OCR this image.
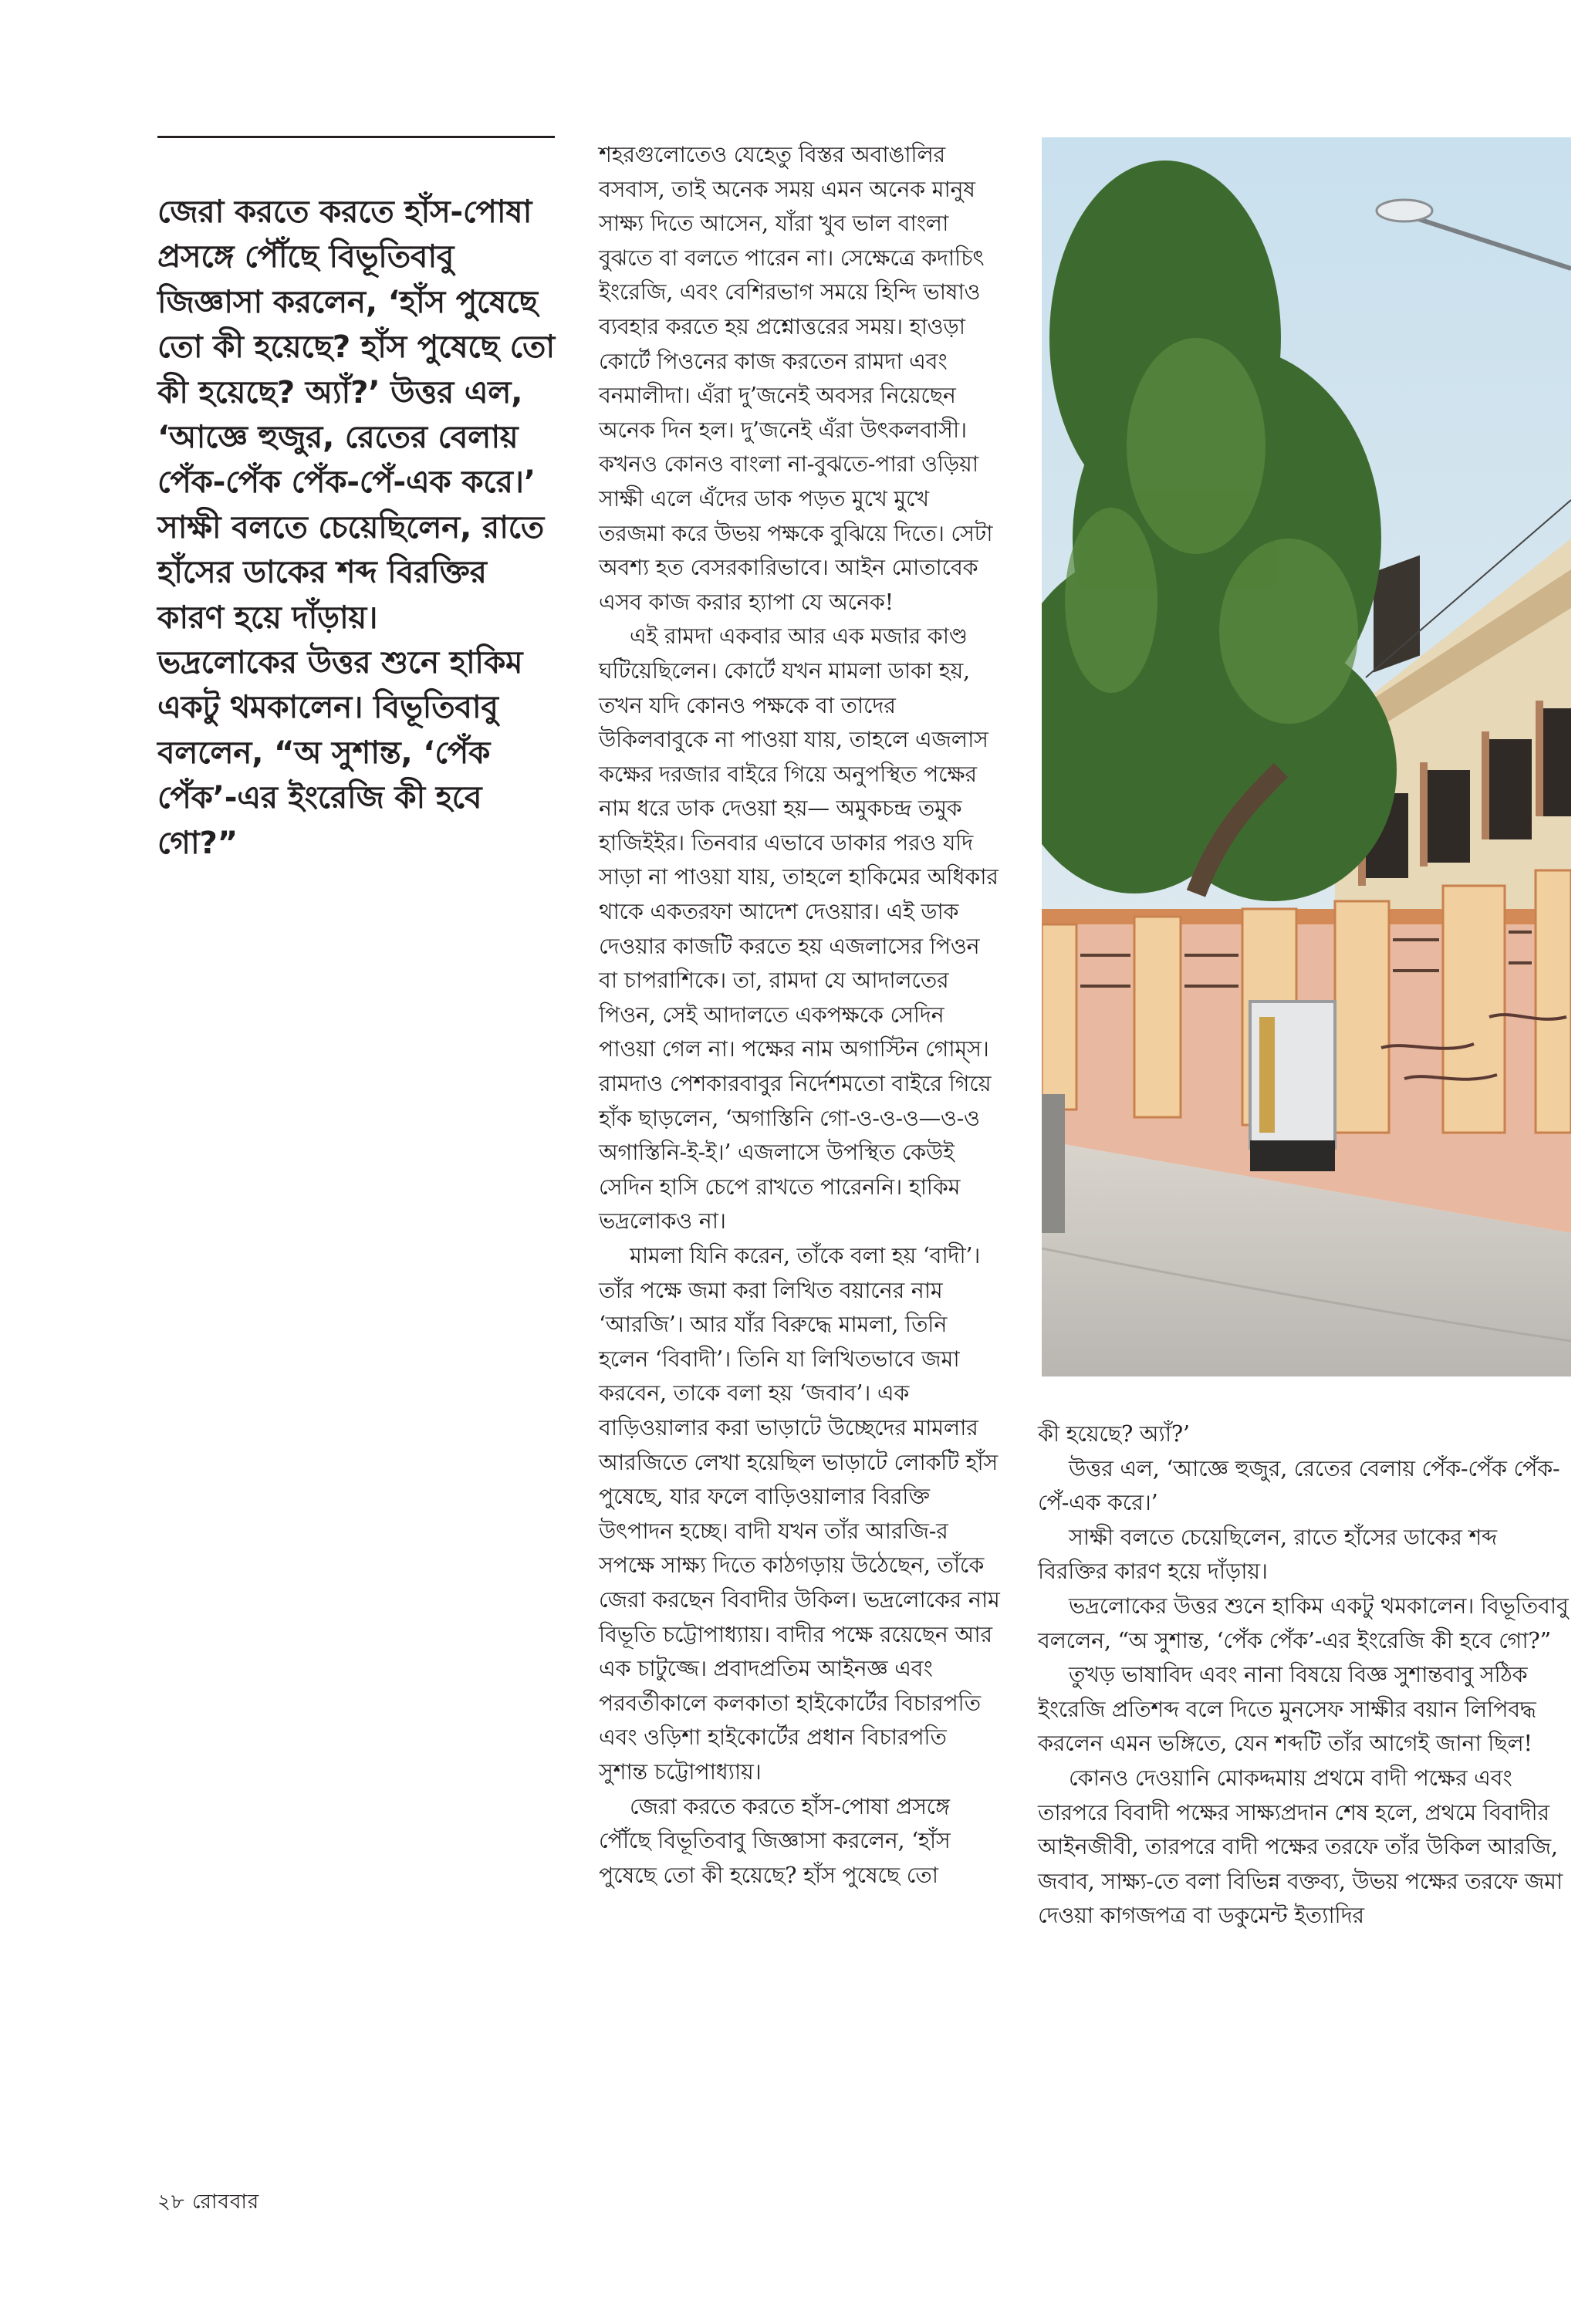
জেরা করতে করতে হাঁস-পোষা প্রসঙ্গে পৌঁছে বিভূতিবাবু জিজ্ঞাসা করলেন, ‘হাঁস পুষেছে তো কী হয়েছে? হাঁস পুষেছে তো কী হয়েছে? অ্যাঁ?’ উত্তর এল, ‘আজ্ঞে হুজুর, রেতের বেলায় পেঁক-পেঁক পেঁক-পেঁ-এক করে।’ সাক্ষী বলতে চেয়েছিলেন, রাতে হাঁসের ডাকের শব্দ বিরক্তির কারণ হয়ে দাঁড়ায়।

ভদ্রলোকের উত্তর শুনে হাকিম একটু থমকালেন। বিভূতিবাবু বললেন, “অ সুশান্ত, ‘পেঁক পেঁক’-এর ইংরেজি কী হবে গো?”

শহরগুলোতেও যেহেতু বিস্তর অবাঙালির বসবাস, তাই অনেক সময় এমন অনেক মানুষ সাক্ষ্য দিতে আসেন, যাঁরা খুব ভাল বাংলা বুঝতে বা বলতে পারেন না। সেক্ষেত্রে কদাচিৎ ইংরেজি, এবং বেশিরভাগ সময়ে হিন্দি ভাষাও ব্যবহার করতে হয় প্রশ্নোত্তরের সময়। হাওড়া কোর্টে পিওনের কাজ করতেন রামদা এবং বনমালীদা। এঁরা দু’জনেই অবসর নিয়েছেন অনেক দিন হল। দু’জনেই এঁরা উৎকলবাসী। কখনও কোনও বাংলা না-বুঝতে-পারা ওড়িয়া সাক্ষী এলে এঁদের ডাক পড়ত মুখে মুখে তরজমা করে উভয় পক্ষকে বুঝিয়ে দিতে। সেটা অবশ্য হত বেসরকারিভাবে। আইন মোতাবেক এসব কাজ করার হ্যাপা যে অনেক!

এই রামদা একবার আর এক মজার কাণ্ড ঘটিয়েছিলেন। কোর্টে যখন মামলা ডাকা হয়, তখন যদি কোনও পক্ষকে বা তাদের উকিলবাবুকে না পাওয়া যায়, তাহলে এজলাস কক্ষের দরজার বাইরে গিয়ে অনুপস্থিত পক্ষের নাম ধরে ডাক দেওয়া হয়— অমুকচন্দ্র তমুক হাজিইইর। তিনবার এভাবে ডাকার পরও যদি সাড়া না পাওয়া যায়, তাহলে হাকিমের অধিকার থাকে একতরফা আদেশ দেওয়ার। এই ডাক দেওয়ার কাজটি করতে হয় এজলাসের পিওন বা চাপরাশিকে। তা, রামদা যে আদালতের পিওন, সেই আদালতে একপক্ষকে সেদিন পাওয়া গেল না। পক্ষের নাম অগাস্টিন গোম্স। রামদাও পেশকারবাবুর নির্দেশমতো বাইরে গিয়ে হাঁক ছাড়লেন, ‘অগাস্তিনি গো-ও-ও-ও—ও-ও অগাস্তিনি-ই-ই।’ এজলাসে উপস্থিত কেউই সেদিন হাসি চেপে রাখতে পারেননি। হাকিম ভদ্রলোকও না।

মামলা যিনি করেন, তাঁকে বলা হয় ‘বাদী’। তাঁর পক্ষে জমা করা লিখিত বয়ানের নাম ‘আরজি’। আর যাঁর বিরুদ্ধে মামলা, তিনি হলেন ‘বিবাদী’। তিনি যা লিখিতভাবে জমা করবেন, তাকে বলা হয় ‘জবাব’। এক বাড়িওয়ালার করা ভাড়াটে উচ্ছেদের মামলার আরজিতে লেখা হয়েছিল ভাড়াটে লোকটি হাঁস পুষেছে, যার ফলে বাড়িওয়ালার বিরক্তি উৎপাদন হচ্ছে। বাদী যখন তাঁর আরজি-র সপক্ষে সাক্ষ্য দিতে কাঠগড়ায় উঠেছেন, তাঁকে জেরা করছেন বিবাদীর উকিল। ভদ্রলোকের নাম বিভূতি চট্টোপাধ্যায়। বাদীর পক্ষে রয়েছেন আর এক চাটুজ্জে। প্রবাদপ্রতিম আইনজ্ঞ এবং পরবর্তীকালে কলকাতা হাইকোর্টের বিচারপতি এবং ওড়িশা হাইকোর্টের প্রধান বিচারপতি সুশান্ত চট্টোপাধ্যায়।

জেরা করতে করতে হাঁস-পোষা প্রসঙ্গে পৌঁছে বিভূতিবাবু জিজ্ঞাসা করলেন, ‘হাঁস পুষেছে তো কী হয়েছে? হাঁস পুষেছে তো

কী হয়েছে? অ্যাঁ?’

উত্তর এল, ‘আজ্ঞে হুজুর, রেতের বেলায় পেঁক-পেঁক পেঁক-পেঁ-এক করে।’

সাক্ষী বলতে চেয়েছিলেন, রাতে হাঁসের ডাকের শব্দ বিরক্তির কারণ হয়ে দাঁড়ায়।

ভদ্রলোকের উত্তর শুনে হাকিম একটু থমকালেন। বিভূতিবাবু বললেন, “অ সুশান্ত, ‘পেঁক পেঁক’-এর ইংরেজি কী হবে গো?”

তুখড় ভাষাবিদ এবং নানা বিষয়ে বিজ্ঞ সুশান্তবাবু সঠিক ইংরেজি প্রতিশব্দ বলে দিতে মুনসেফ সাক্ষীর বয়ান লিপিবদ্ধ করলেন এমন ভঙ্গিতে, যেন শব্দটি তাঁর আগেই জানা ছিল!

কোনও দেওয়ানি মোকদ্দমায় প্রথমে বাদী পক্ষের এবং তারপরে বিবাদী পক্ষের সাক্ষ্যপ্রদান শেষ হলে, প্রথমে বিবাদীর আইনজীবী, তারপরে বাদী পক্ষের তরফে তাঁর উকিল আরজি, জবাব, সাক্ষ্য-তে বলা বিভিন্ন বক্তব্য, উভয় পক্ষের তরফে জমা দেওয়া কাগজপত্র বা ডকুমেন্ট ইত্যাদির

২৮ রোববার
